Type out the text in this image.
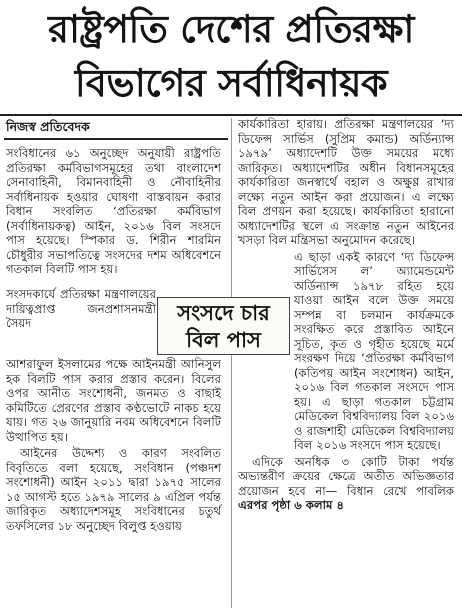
রাষ্ট্রপতি দেশের প্রতিরক্ষা
বিভাগের সর্বাধিনায়ক
নিজস্ব প্রতিবেদক

সংবিধানের ৬১ অনুচ্ছেদ অনুযায়ী রাষ্ট্রপতি প্রতিরক্ষা কর্মবিভাগসমূহের তথা বাংলাদেশ সেনাবাহিনী, বিমানবাহিনী ও নৌবাহিনীর সর্বাধিনায়ক হওয়ার ঘোষণা বাস্তবায়ন করার বিধান সংবলিত ‘প্রতিরক্ষা কর্মবিভাগ (সর্বাধিনায়কত্ব) আইন, ২০১৬ বিল সংসদে পাস হয়েছে। স্পিকার ড. শিরীন শারমিন চৌধুরীর সভাপতিত্বে সংসদের দশম অধিবেশনে গতকাল বিলটি পাস হয়।

সংসদকার্যে প্রতিরক্ষা মন্ত্রণালয়ের দায়িত্বপ্রাপ্ত জনপ্রশাসনমন্ত্রী সৈয়দ

আশরাফুল ইসলামের পক্ষে আইনমন্ত্রী আনিসুল হক বিলটি পাস করার প্রস্তাব করেন। বিলের ওপর আনীত সংশোধনী, জনমত ও বাছাই কমিটিতে প্রেরণের প্রস্তাব কণ্ঠভোটে নাকচ হয়ে যায়। গত ২৬ জানুয়ারি নবম অধিবেশনে বিলটি উত্থাপিত হয়।

আইনের উদ্দেশ্য ও কারণ সংবলিত বিবৃতিতে বলা হয়েছে, সংবিধান (পঞ্চদশ সংশোধনী) আইন ২০১১ দ্বারা ১৯৭৫ সালের ১৫ আগস্ট হতে ১৯৭৯ সালের ৯ এপ্রিল পর্যন্ত জারিকৃত অধ্যাদেশসমূহ সংবিধানের চতুর্থ তফসিলের ১৮ অনুচ্ছেদ বিলুপ্ত হওয়ায়

কার্যকারিতা হারায়। প্রতিরক্ষা মন্ত্রণালয়ের ‘দ্য ডিফেন্স সার্ভিস (সুপ্রিম কমান্ড) অর্ডিন্যান্স ১৯৭৯’ অধ্যাদেশটি উক্ত সময়ের মধ্যে জারিকৃত। অধ্যাদেশটির অধীন বিধানসমূহের কার্যকারিতা জনস্বার্থে বহাল ও অক্ষুণ্ণ রাখার লক্ষ্যে নতুন আইন করা প্রয়োজন। এ লক্ষ্যে বিল প্রণয়ন করা হয়েছে। কার্যকারিতা হারানো অধ্যাদেশটির স্থলে এ সংক্রান্ত নতুন আইনের খসড়া বিল মন্ত্রিসভা অনুমোদন করেছে।

এ ছাড়া একই কারণে ‘দ্য ডিফেন্স সার্ভিসেস ল’ অ্যামেন্ডমেন্ট অর্ডিন্যান্স ১৯৭৮ রহিত হয়ে যাওয়া আইন বলে উক্ত সময়ে সম্পন্ন বা চলমান কার্যক্রমকে সংরক্ষিত করে প্রস্তাবিত আইনে সূচিত, কৃত ও গৃহীত হয়েছে মর্মে সংরক্ষণ দিয়ে ‘প্রতিরক্ষা কর্মবিভাগ (কতিপয় আইন সংশোধন) আইন, ২০১৬ বিল গতকাল সংসদে পাস হয়। এ ছাড়া গতকাল চট্টগ্রাম মেডিকেল বিশ্ববিদ্যালয় বিল ২০১৬ ও রাজশাহী মেডিকেল বিশ্ববিদ্যালয় বিল ২০১৬ সংসদে পাস হয়েছে।

এদিকে অনধিক ৩ কোটি টাকা পর্যন্ত অভ্যন্তরীণ ক্রয়ের ক্ষেত্রে অতীত অভিজ্ঞতার প্রয়োজন হবে না— বিধান রেখে পাবলিক এরপর পৃষ্ঠা ৬ কলাম ৪

সংসদে চার
বিল পাস
